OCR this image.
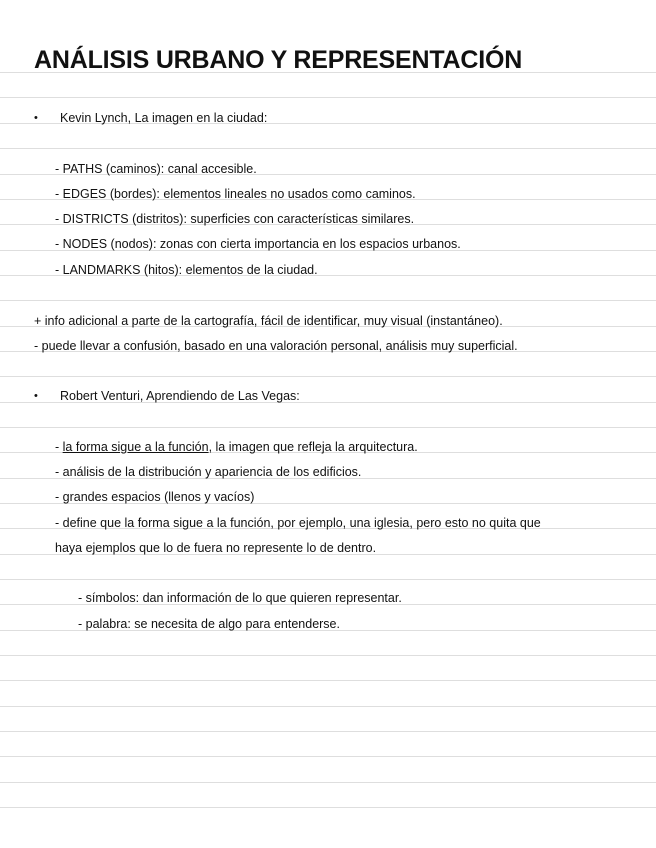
ANÁLISIS URBANO Y REPRESENTACIÓN
• Kevin Lynch, La imagen en la ciudad:
- PATHS (caminos): canal accesible.
- EDGES (bordes): elementos lineales no usados como caminos.
- DISTRICTS (distritos): superficies con características similares.
- NODES (nodos): zonas con cierta importancia en los espacios urbanos.
- LANDMARKS (hitos): elementos de la ciudad.
+ info adicional a parte de la cartografía, fácil de identificar, muy visual (instantáneo).
- puede llevar a confusión, basado en una valoración personal, análisis muy superficial.
• Robert Venturi, Aprendiendo de Las Vegas:
- la forma sigue a la función, la imagen que refleja la arquitectura.
- análisis de la distribución y apariencia de los edificios.
- grandes espacios (llenos y vacíos)
- define que la forma sigue a la función, por ejemplo, una iglesia, pero esto no quita que
haya ejemplos que lo de fuera no represente lo de dentro.
- símbolos: dan información de lo que quieren representar.
- palabra: se necesita de algo para entenderse.
